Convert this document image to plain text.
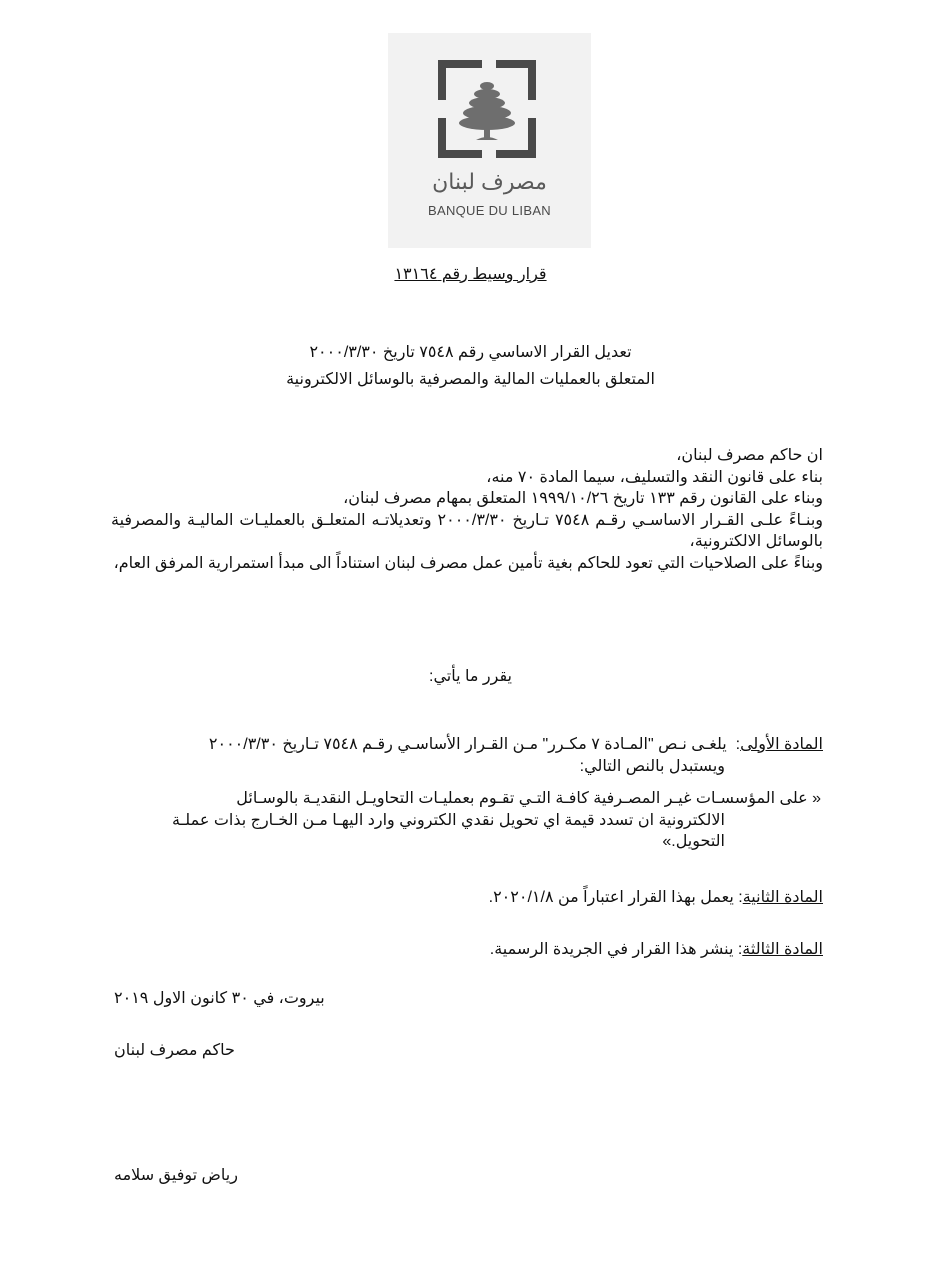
مصرف لبنان
BANQUE DU LIBAN
قرار وسيط رقم ١٣١٦٤
تعديل القرار الاساسي رقم ٧٥٤٨ تاريخ ٢٠٠٠/٣/٣٠
المتعلق بالعمليات المالية والمصرفية بالوسائل الالكترونية

ان حاكم مصرف لبنان،

بناء على قانون النقد والتسليف، سيما المادة ٧٠ منه،

وبناء على القانون رقم ١٣٣ تاريخ ١٩٩٩/١٠/٢٦ المتعلق بمهام مصرف لبنان،

وبنـاءً علـى القـرار الاساسـي رقـم ٧٥٤٨ تـاريخ ٢٠٠٠/٣/٣٠ وتعديلاتـه المتعلـق بالعمليـات الماليـة والمصرفية بالوسائل الالكترونية،

وبناءً على الصلاحيات التي تعود للحاكم بغية تأمين عمل مصرف لبنان استناداً الى مبدأ استمرارية المرفق العام،

يقرر ما يأتي:
المادة الأولى:  يلغـى نـص "المـادة ٧ مكـرر" مـن القـرار الأساسـي رقـم ٧٥٤٨ تـاريخ ٢٠٠٠/٣/٣٠
ويستبدل بالنص التالي:
« على المؤسسـات غيـر المصـرفية كافـة التـي تقـوم بعمليـات التحاويـل النقديـة بالوسـائل
الالكترونية ان تسدد قيمة اي تحويل نقدي الكتروني وارد اليهـا مـن الخـارج بذات عملـة
التحويل.»
المادة الثانية: يعمل بهذا القرار اعتباراً من ٢٠٢٠/١/٨.
المادة الثالثة: ينشر هذا القرار في الجريدة الرسمية.
بيروت، في ٣٠ كانون الاول ٢٠١٩
حاكم مصرف لبنان
رياض توفيق سلامه
